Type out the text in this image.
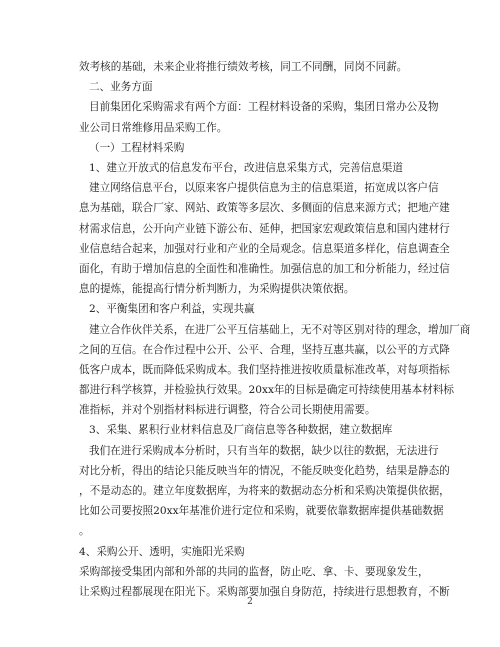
效考核的基础，未来企业将推行绩效考核，同工不同酬，同岗不同薪。
二、业务方面
目前集团化采购需求有两个方面：工程材料设备的采购，集团日常办公及物
业公司日常维修用品采购工作。
（一）工程材料采购
1、建立开放式的信息发布平台，改进信息采集方式，完善信息渠道
建立网络信息平台，以原来客户提供信息为主的信息渠道，拓宽成以客户信
息为基础，联合厂家、网站、政策等多层次、多侧面的信息来源方式；把地产建
材需求信息，公开向产业链下游公布、延伸，把国家宏观政策信息和国内建材行
业信息结合起来，加强对行业和产业的全局观念。信息渠道多样化，信息调查全
面化，有助于增加信息的全面性和准确性。加强信息的加工和分析能力，经过信
息的提炼，能提高行情分析判断力，为采购提供决策依据。
2、平衡集团和客户利益，实现共赢
建立合作伙伴关系，在进厂公平互信基础上，无不对等区别对待的理念，增加厂商
之间的互信。在合作过程中公开、公平、合理，坚持互惠共赢，以公平的方式降
低客户成本，既而降低采购成本。我们坚持推进按收质量标准改革，对每项指标
都进行科学核算，并检验执行效果。20xx年的目标是确定可持续使用基本材料标
准指标，并对个别指材料标进行调整，符合公司长期使用需要。
3、采集、累积行业材料信息及厂商信息等各种数据，建立数据库
我们在进行采购成本分析时，只有当年的数据，缺少以往的数据，无法进行
对比分析，得出的结论只能反映当年的情况，不能反映变化趋势，结果是静态的
，不是动态的。建立年度数据库，为将来的数据动态分析和采购决策提供依据，
比如公司要按照20xx年基准价进行定位和采购，就要依靠数据库提供基础数据
。
4、采购公开、透明，实施阳光采购
采购部接受集团内部和外部的共同的监督，防止吃、拿、卡、要现象发生，
让采购过程都展现在阳光下。采购部要加强自身防范，持续进行思想教育，不断
2
